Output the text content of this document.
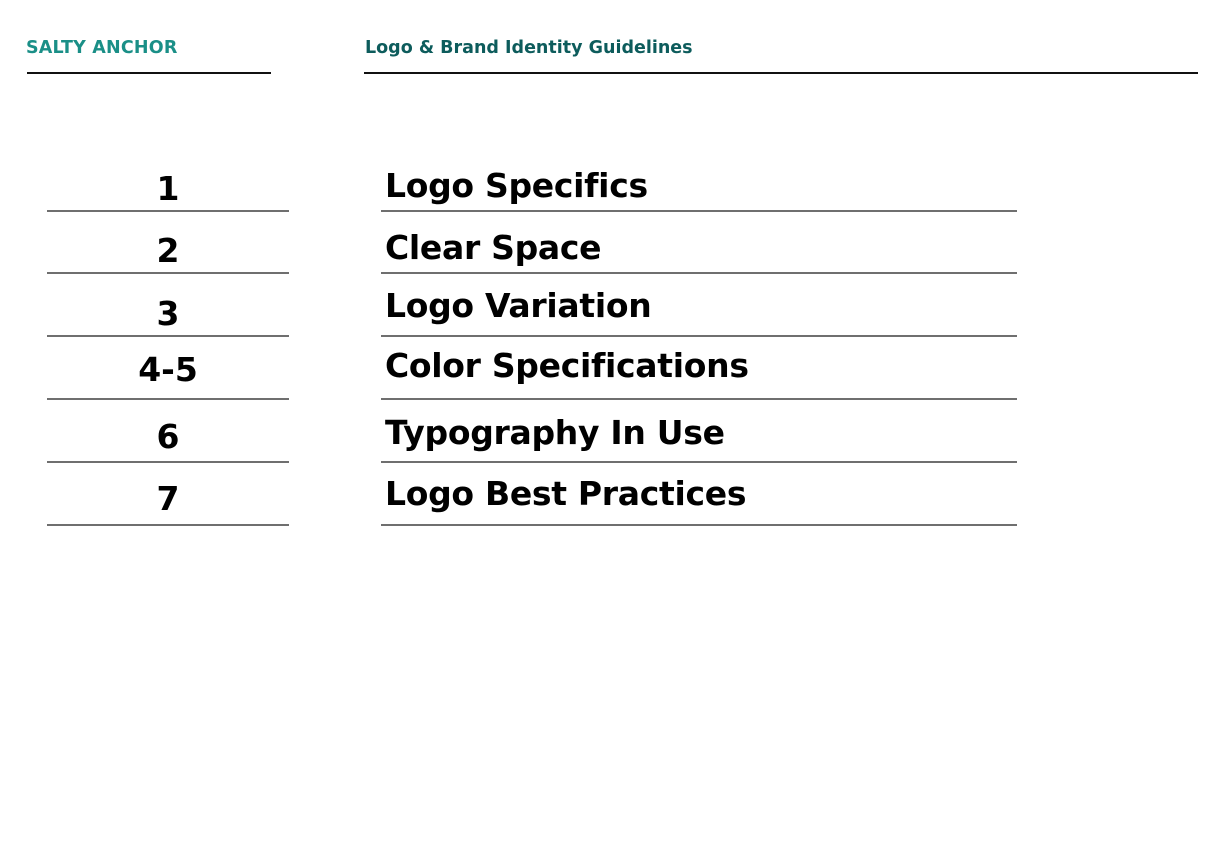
SALTY ANCHOR	Logo & Brand Identity Guidelines
1	Logo Specifics
2	Clear Space
3	Logo Variation
4-5	Color Specifications
6	Typography In Use
7	Logo Best Practices
